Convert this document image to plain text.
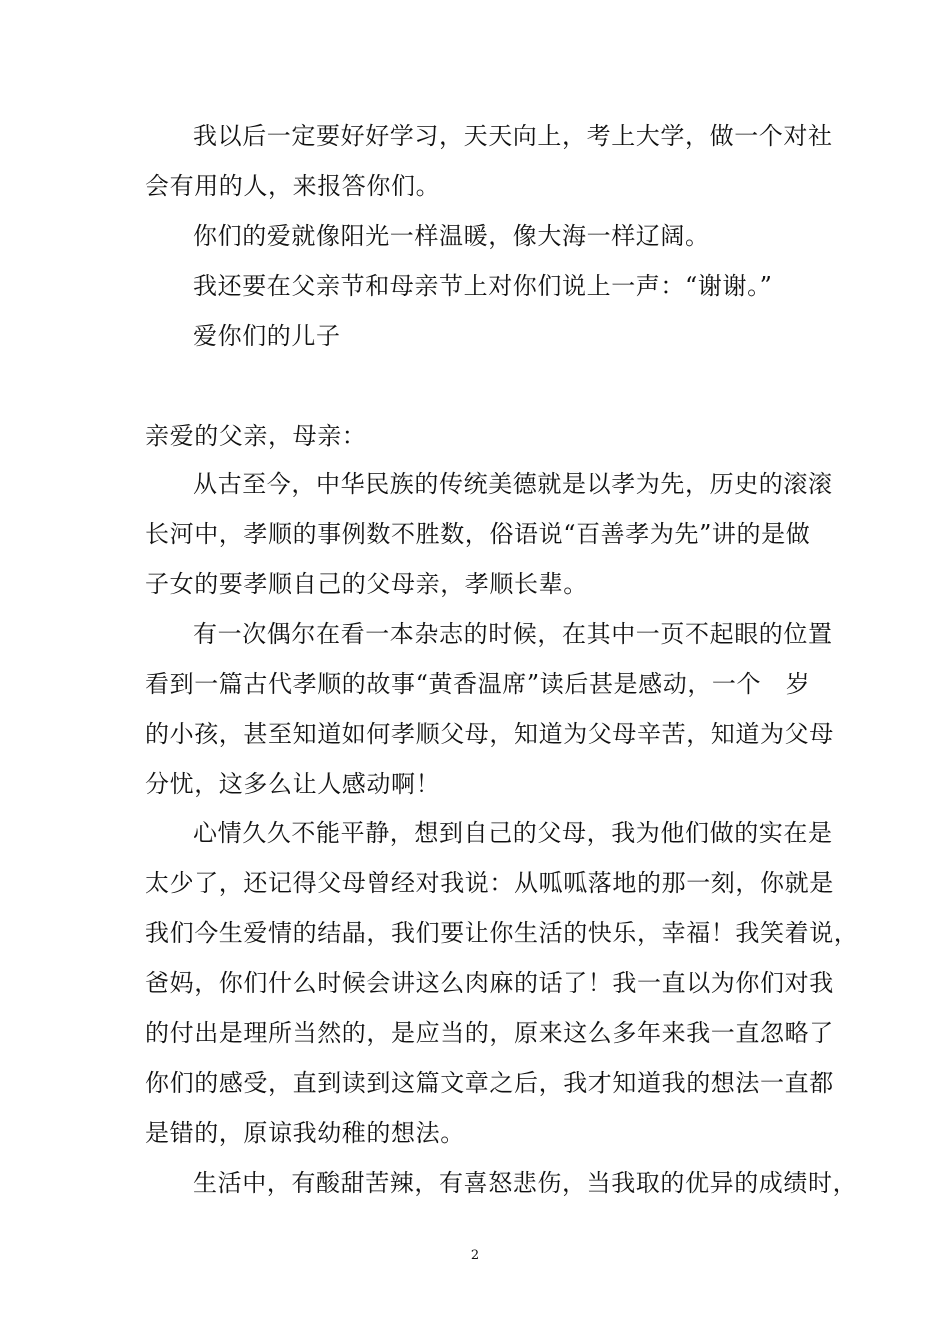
我以后一定要好好学习，天天向上，考上大学，做一个对社
会有用的人，来报答你们。
你们的爱就像阳光一样温暖，像大海一样辽阔。
我还要在父亲节和母亲节上对你们说上一声：“谢谢。”
爱你们的儿子
亲爱的父亲，母亲：
从古至今，中华民族的传统美德就是以孝为先，历史的滚滚
长河中，孝顺的事例数不胜数，俗语说“百善孝为先”讲的是做
子女的要孝顺自己的父母亲，孝顺长辈。
有一次偶尔在看一本杂志的时候，在其中一页不起眼的位置
看到一篇古代孝顺的故事“黄香温席”读后甚是感动，一个　岁
的小孩，甚至知道如何孝顺父母，知道为父母辛苦，知道为父母
分忧，这多么让人感动啊！
心情久久不能平静，想到自己的父母，我为他们做的实在是
太少了，还记得父母曾经对我说：从呱呱落地的那一刻，你就是
我们今生爱情的结晶，我们要让你生活的快乐，幸福！我笑着说，
爸妈，你们什么时候会讲这么肉麻的话了！我一直以为你们对我
的付出是理所当然的，是应当的，原来这么多年来我一直忽略了
你们的感受，直到读到这篇文章之后，我才知道我的想法一直都
是错的，原谅我幼稚的想法。
生活中，有酸甜苦辣，有喜怒悲伤，当我取的优异的成绩时，
2
